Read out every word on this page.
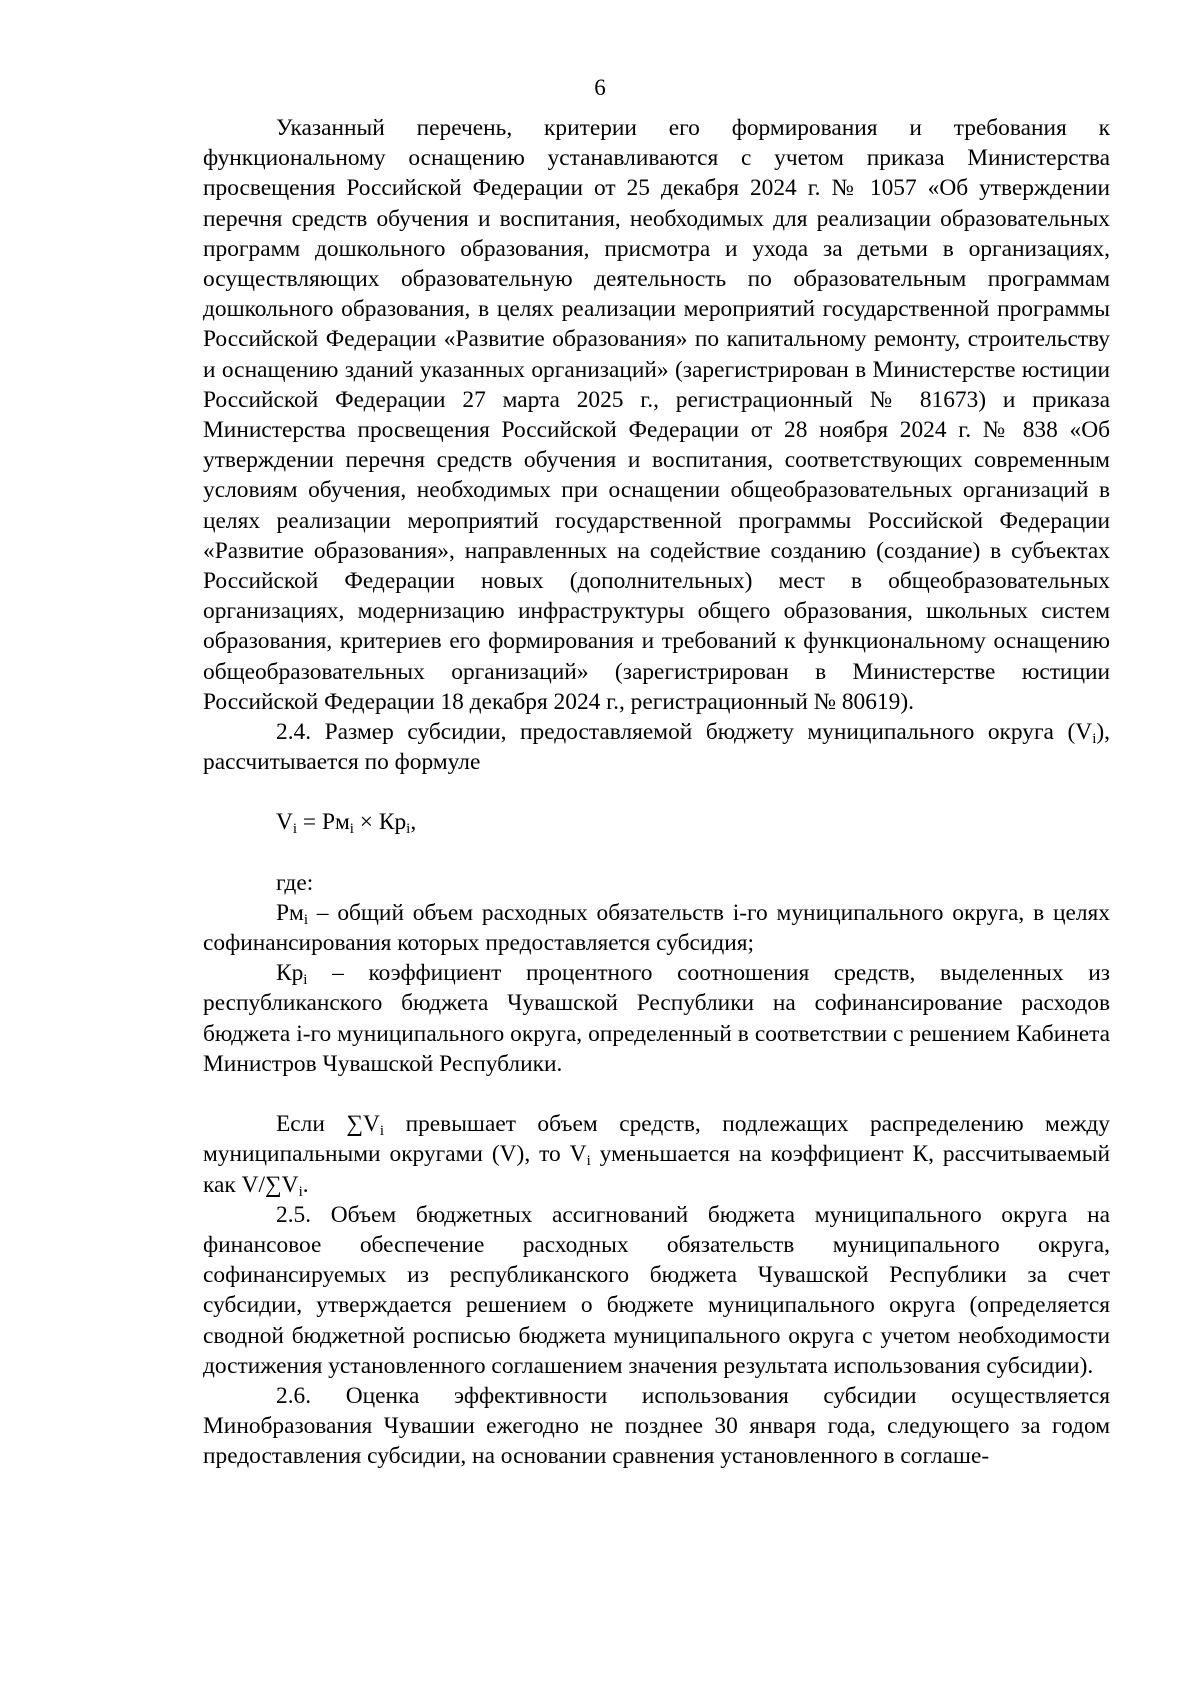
6

Указанный перечень, критерии его формирования и требования к функциональному оснащению устанавливаются с учетом приказа Министерства просвещения Российской Федерации от 25 декабря 2024 г. № 1057 «Об утверждении перечня средств обучения и воспитания, необходимых для реализации образовательных программ дошкольного образования, присмотра и ухода за детьми в организациях, осуществляющих образовательную деятельность по образовательным программам дошкольного образования, в целях реализации мероприятий государственной программы Российской Федерации «Развитие образования» по капитальному ремонту, строительству и оснащению зданий указанных организаций» (зарегистрирован в Министерстве юстиции Российской Федерации 27 марта 2025 г., регистрационный № 81673) и приказа Министерства просвещения Российской Федерации от 28 ноября 2024 г. № 838 «Об утверждении перечня средств обучения и воспитания, соответствующих современным условиям обучения, необходимых при оснащении общеобразовательных организаций в целях реализации мероприятий государственной программы Российской Федерации «Развитие образования», направленных на содействие созданию (создание) в субъектах Российской Федерации новых (дополнительных) мест в общеобразовательных организациях, модернизацию инфраструктуры общего образования, школьных систем образования, критериев его формирования и требований к функциональному оснащению общеобразовательных организаций» (зарегистрирован в Министерстве юстиции Российской Федерации 18 декабря 2024 г., регистрационный № 80619).

2.4. Размер субсидии, предоставляемой бюджету муниципального округа $(V_i)$, рассчитывается по формуле

$V_i = Рм_i \times Кр_i$,

где:

$Рм_i$ – общий объем расходных обязательств i-го муниципального округа, в целях софинансирования которых предоставляется субсидия;

$Кр_i$ – коэффициент процентного соотношения средств, выделенных из республиканского бюджета Чувашской Республики на софинансирование расходов бюджета i-го муниципального округа, определенный в соответствии с решением Кабинета Министров Чувашской Республики.

Если $\sum V_i$ превышает объем средств, подлежащих распределению между муниципальными округами (V), то $V_i$ уменьшается на коэффициент К, рассчитываемый как $V/\sum V_i$.

2.5. Объем бюджетных ассигнований бюджета муниципального округа на финансовое обеспечение расходных обязательств муниципального округа, софинансируемых из республиканского бюджета Чувашской Республики за счет субсидии, утверждается решением о бюджете муниципального округа (определяется сводной бюджетной росписью бюджета муниципального округа с учетом необходимости достижения установленного соглашением значения результата использования субсидии).

2.6. Оценка эффективности использования субсидии осуществляется Минобразования Чувашии ежегодно не позднее 30 января года, следующего за годом предоставления субсидии, на основании сравнения установленного в соглаше-
